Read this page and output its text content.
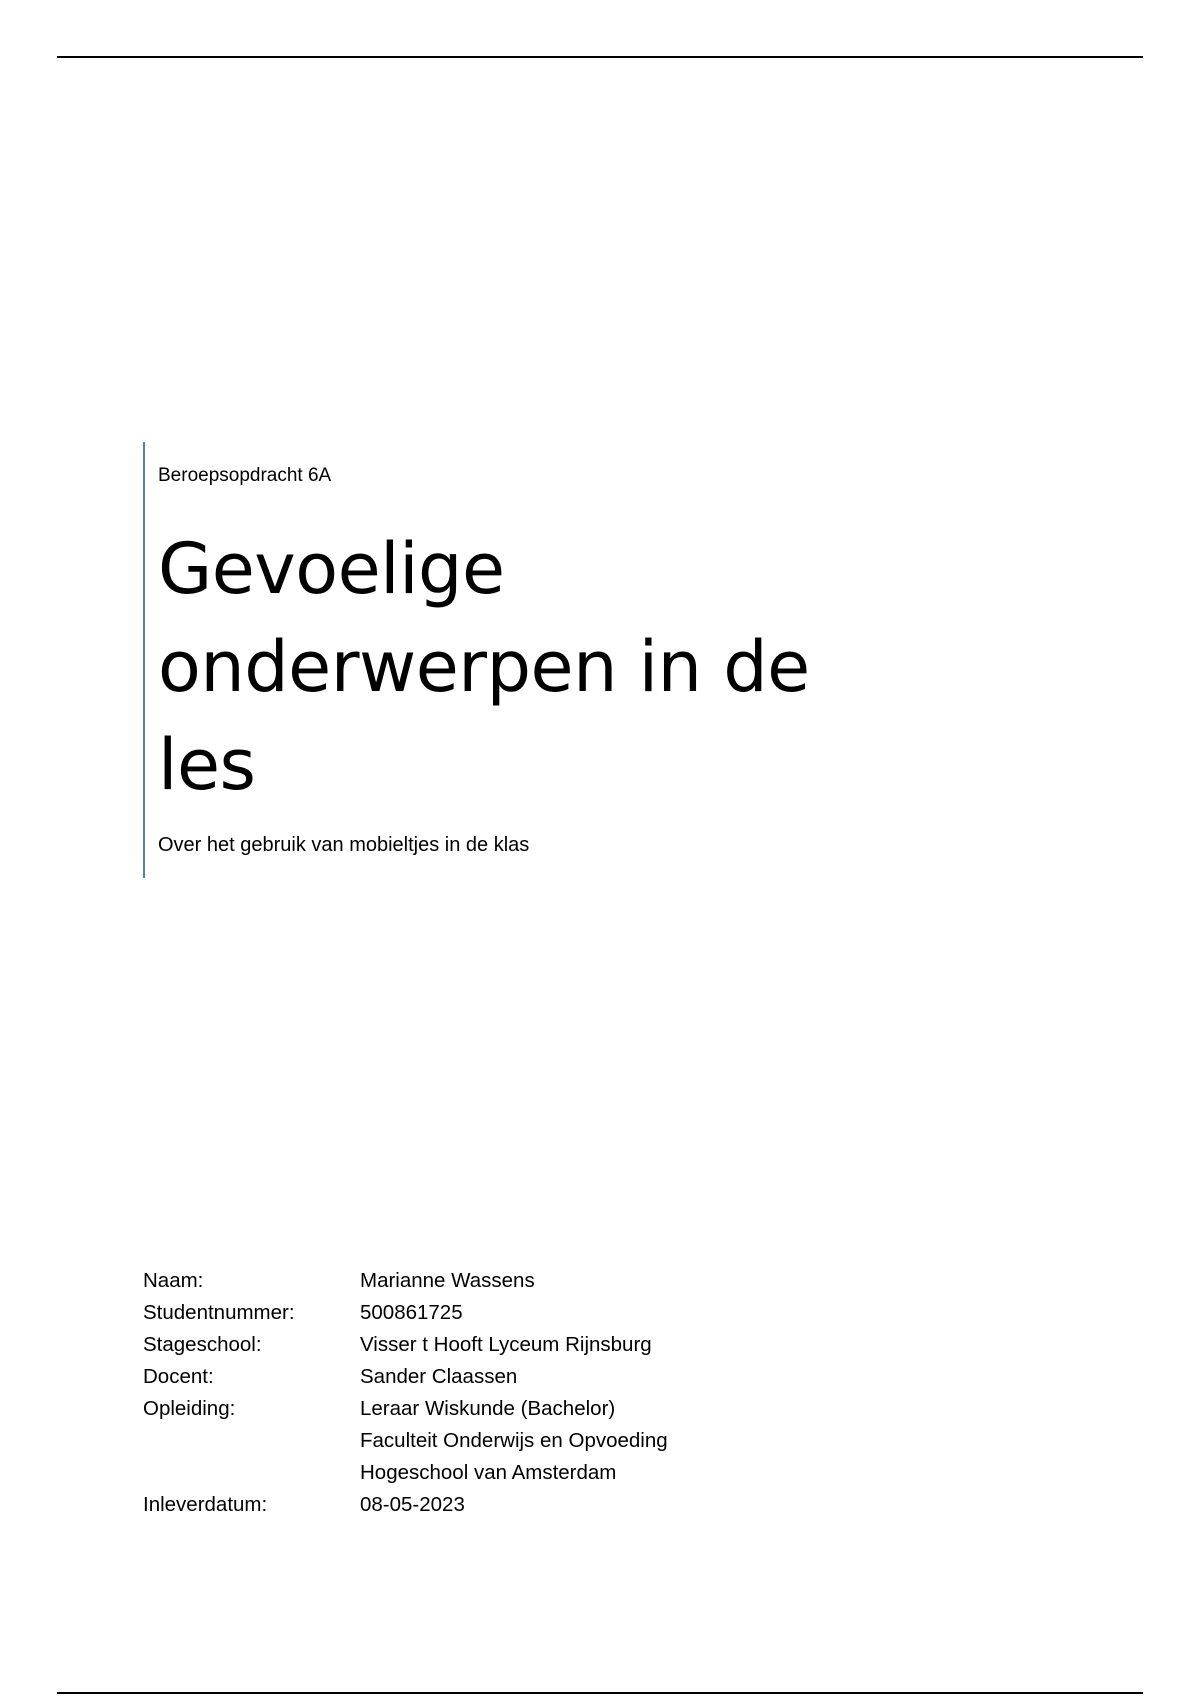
Beroepsopdracht 6A
Gevoelige
onderwerpen in de
les
Over het gebruik van mobieltjes in de klas
Naam:	Marianne Wassens
Studentnummer:	500861725
Stageschool:	Visser t Hooft Lyceum Rijnsburg
Docent:	Sander Claassen
Opleiding:	Leraar Wiskunde (Bachelor)
Faculteit Onderwijs en Opvoeding
Hogeschool van Amsterdam
Inleverdatum:	08-05-2023
